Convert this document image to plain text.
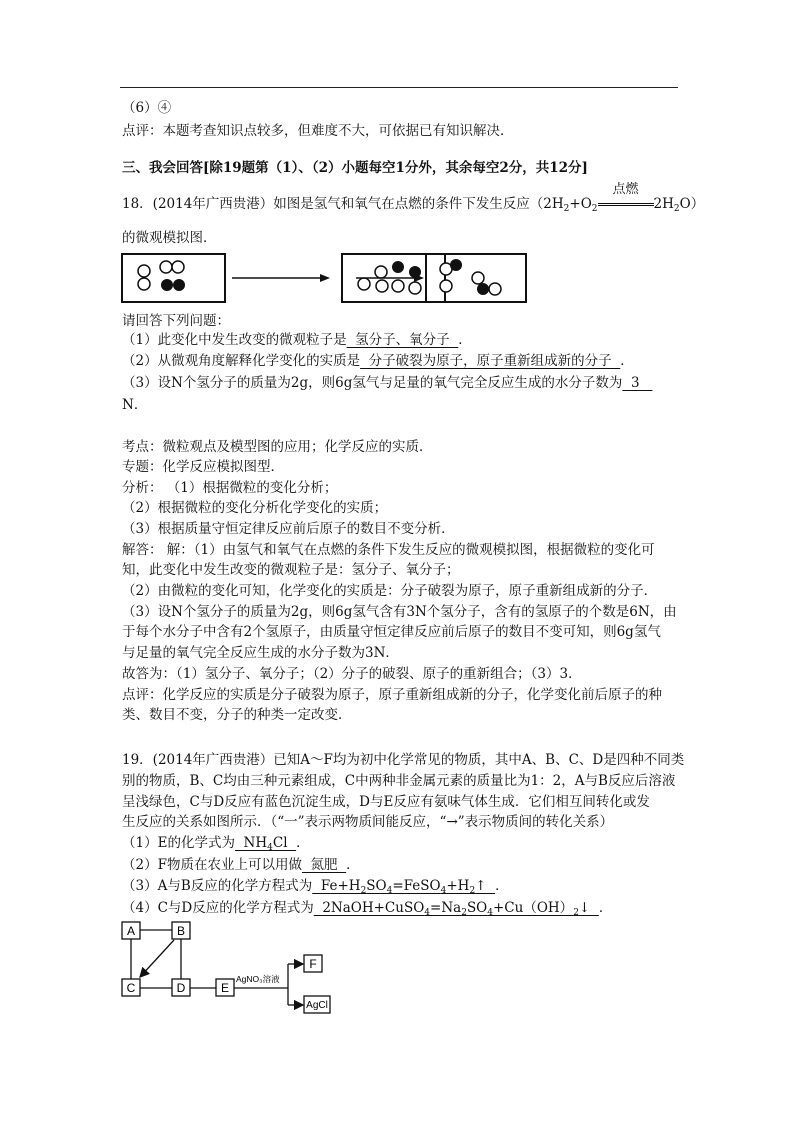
（6）④
点评：本题考查知识点较多，但难度不大，可依据已有知识解决．
三、我会回答[除19题第（1）、（2）小题每空1分外，其余每空2分，共12分]
18．(2014年广西贵港）如图是氢气和氧气在点燃的条件下发生反应（$2H_2+O_2$
点燃
$2H_2O$）
的微观模拟图．
请回答下列问题：
（1）此变化中发生改变的微观粒子是  氢分子、氧分子  ．
（2）从微观角度解释化学变化的实质是  分子破裂为原子，原子重新组成新的分子  ．
（3）设N个氢分子的质量为2g，则6g氢气与足量的氧气完全反应生成的水分子数为  3
N．
考点：微粒观点及模型图的应用；化学反应的实质．
专题：化学反应模拟图型．
分析： （1）根据微粒的变化分析；
（2）根据微粒的变化分析化学变化的实质；
（3）根据质量守恒定律反应前后原子的数目不变分析．
解答： 解：（1）由氢气和氧气在点燃的条件下发生反应的微观模拟图，根据微粒的变化可
知，此变化中发生改变的微观粒子是：氢分子、氧分子；
（2）由微粒的变化可知，化学变化的实质是：分子破裂为原子，原子重新组成新的分子．
（3）设N个氢分子的质量为2g，则6g氢气含有3N个氢分子，含有的氢原子的个数是6N，由
于每个水分子中含有2个氢原子，由质量守恒定律反应前后原子的数目不变可知，则6g氢气
与足量的氧气完全反应生成的水分子数为3N．
故答为：（1）氢分子、氧分子；（2）分子的破裂、原子的重新组合；（3）3．
点评：化学反应的实质是分子破裂为原子，原子重新组成新的分子，化学变化前后原子的种
类、数目不变，分子的种类一定改变．
19．(2014年广西贵港）已知A～F均为初中化学常见的物质，其中A、B、C、D是四种不同类
别的物质，B、C均由三种元素组成，C中两种非金属元素的质量比为1：2，A与B反应后溶液
呈浅绿色，C与D反应有蓝色沉淀生成，D与E反应有氨味气体生成．它们相互间转化或发
生反应的关系如图所示．（“一”表示两物质间能反应，“→”表示物质间的转化关系）
（1）E的化学式为  $NH_4Cl$  ．
（2）F物质在农业上可以用做  氮肥  ．
（3）A与B反应的化学方程式为  $Fe+H_2SO_4=FeSO_4+H_2↑$  ．
（4）C与D反应的化学方程式为  $2NaOH+CuSO_4=Na_2SO_4+Cu(OH)_2↓$  ．
A	B
C	D	E
F
AgCl
AgNO₃溶液
